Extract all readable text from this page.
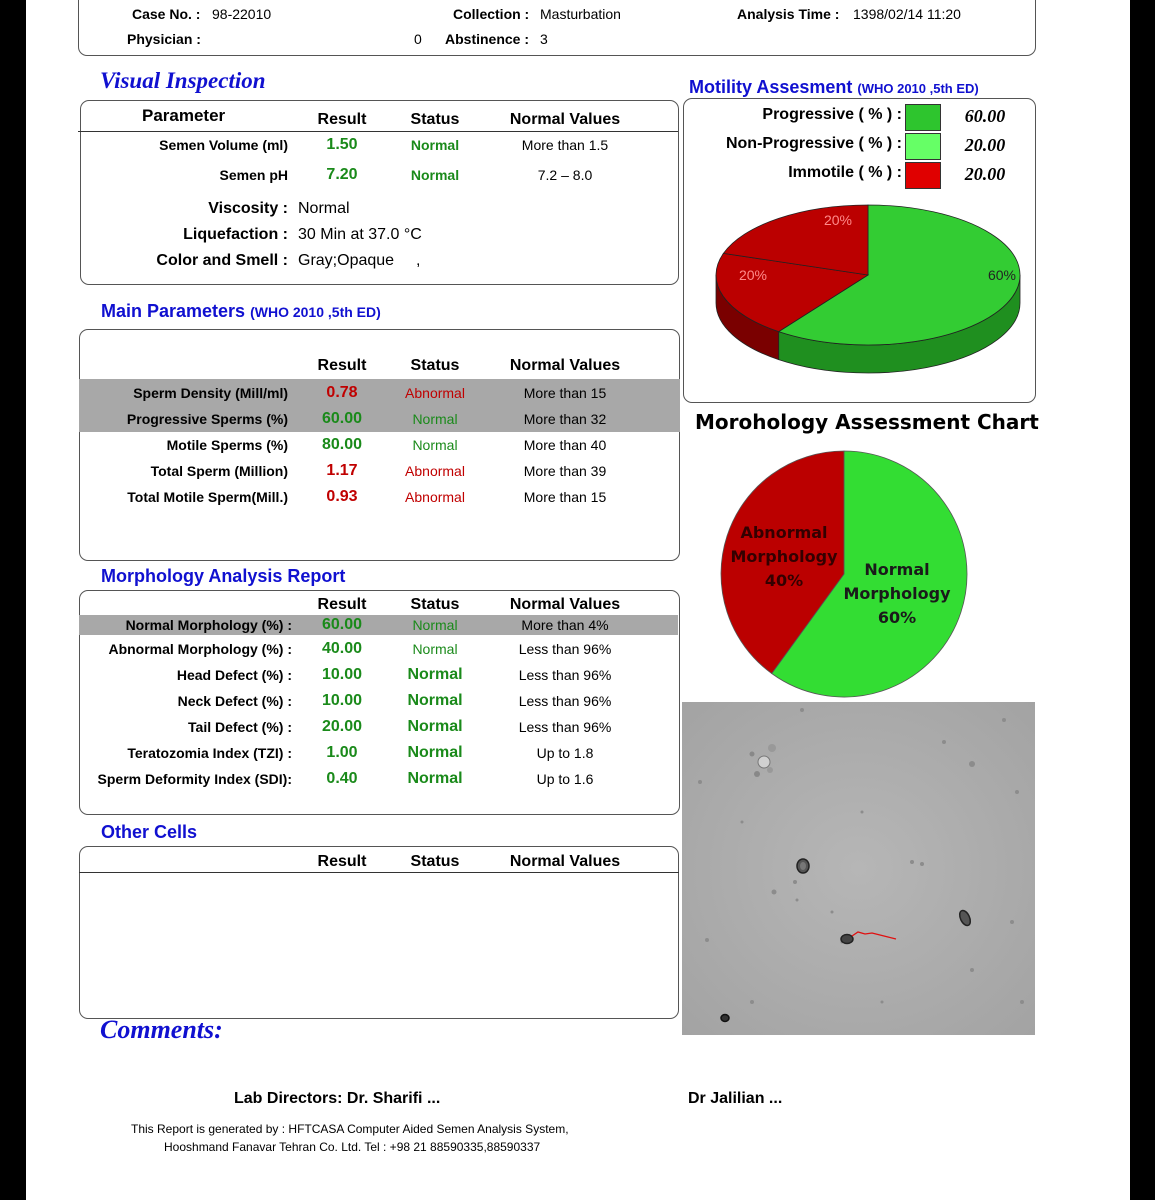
Case No. : 98-22010	Collection : Masturbation	Analysis Time : 1398/02/14 11:20
Physician :	0 Abstinence : 3
Visual Inspection
Parameter	Result	Status	Normal Values
Semen Volume (ml)	1.50	Normal	More than 1.5
Semen pH	7.20	Normal	7.2 – 8.0
Viscosity : Normal
Liquefaction : 30 Min at 37.0 °C
Color and Smell : Gray;Opaque ,
Main Parameters (WHO 2010 ,5th ED)
Result	Status	Normal Values
Morphology Analysis Report
Result	Status	Normal Values
Other Cells
Result	Status	Normal Values
Comments:
Motility Assesment (WHO 2010 ,5th ED)
60%
20%
20%
Morohology Assessment Chart
Normal
Morphology
60%
Abnormal
Morphology
40%
Lab Directors: Dr. Sharifi ...	Dr Jalilian ...
This Report is generated by : HFTCASA Computer Aided Semen Analysis System,
Hooshmand Fanavar Tehran Co. Ltd. Tel : +98 21 88590335,88590337
Sperm Density (Mill/ml)	0.78	Abnormal	More than 15
Progressive Sperms (%)	60.00	Normal	More than 32
Motile Sperms (%)	80.00	Normal	More than 40
Total Sperm (Million)	1.17	Abnormal	More than 39
Total Motile Sperm(Mill.)	0.93	Abnormal	More than 15
Normal Morphology (%) :	60.00	Normal	More than 4%
Abnormal Morphology (%) :	40.00	Normal	Less than 96%
Head Defect (%) :	10.00	Normal	Less than 96%
Neck Defect (%) :	10.00	Normal	Less than 96%
Tail Defect (%) :	20.00	Normal	Less than 96%
Teratozomia Index (TZI) :	1.00	Normal	Up to 1.8
Sperm Deformity Index (SDI):	0.40	Normal	Up to 1.6
Progressive ( % ) :	60.00
Non-Progressive ( % ) :	20.00
Immotile ( % ) :	20.00
